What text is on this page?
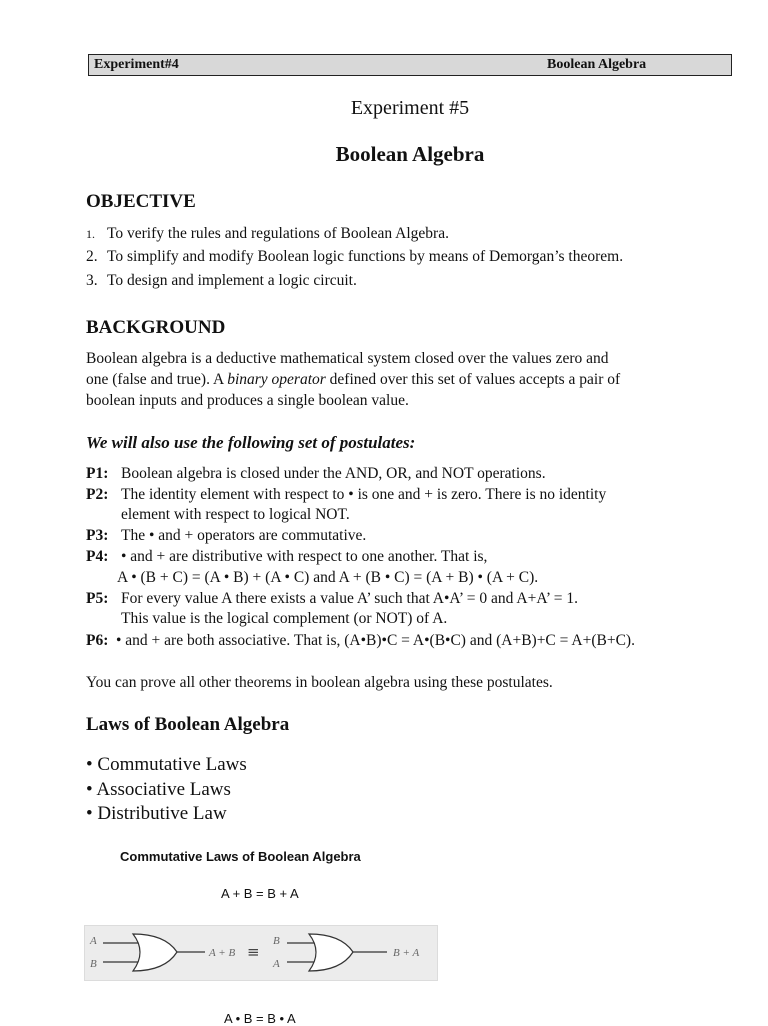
Experiment#4	Boolean Algebra
Experiment #5
Boolean Algebra
OBJECTIVE
1. To verify the rules and regulations of Boolean Algebra.
2. To simplify and modify Boolean logic functions by means of Demorgan’s theorem.
3. To design and implement a logic circuit.
BACKGROUND
Boolean algebra is a deductive mathematical system closed over the values zero and
one (false and true). A binary operator defined over this set of values accepts a pair of
boolean inputs and produces a single boolean value.
We will also use the following set of postulates:
P1: Boolean algebra is closed under the AND, OR, and NOT operations.
P2: The identity element with respect to • is one and + is zero. There is no identity
element with respect to logical NOT.
P3: The • and + operators are commutative.
P4: • and + are distributive with respect to one another. That is,
A • (B + C) = (A • B) + (A • C) and A + (B • C) = (A + B) • (A + C).
P5: For every value A there exists a value A’ such that A•A’ = 0 and A+A’ = 1.
This value is the logical complement (or NOT) of A.
P6: • and + are both associative. That is, (A•B)•C = A•(B•C) and (A+B)+C = A+(B+C).
You can prove all other theorems in boolean algebra using these postulates.
Laws of Boolean Algebra
• Commutative Laws
• Associative Laws
• Distributive Law
Commutative Laws of Boolean Algebra
A + B = B + A
A
B
A + B ≡
B
A
B + A
A • B = B • A
